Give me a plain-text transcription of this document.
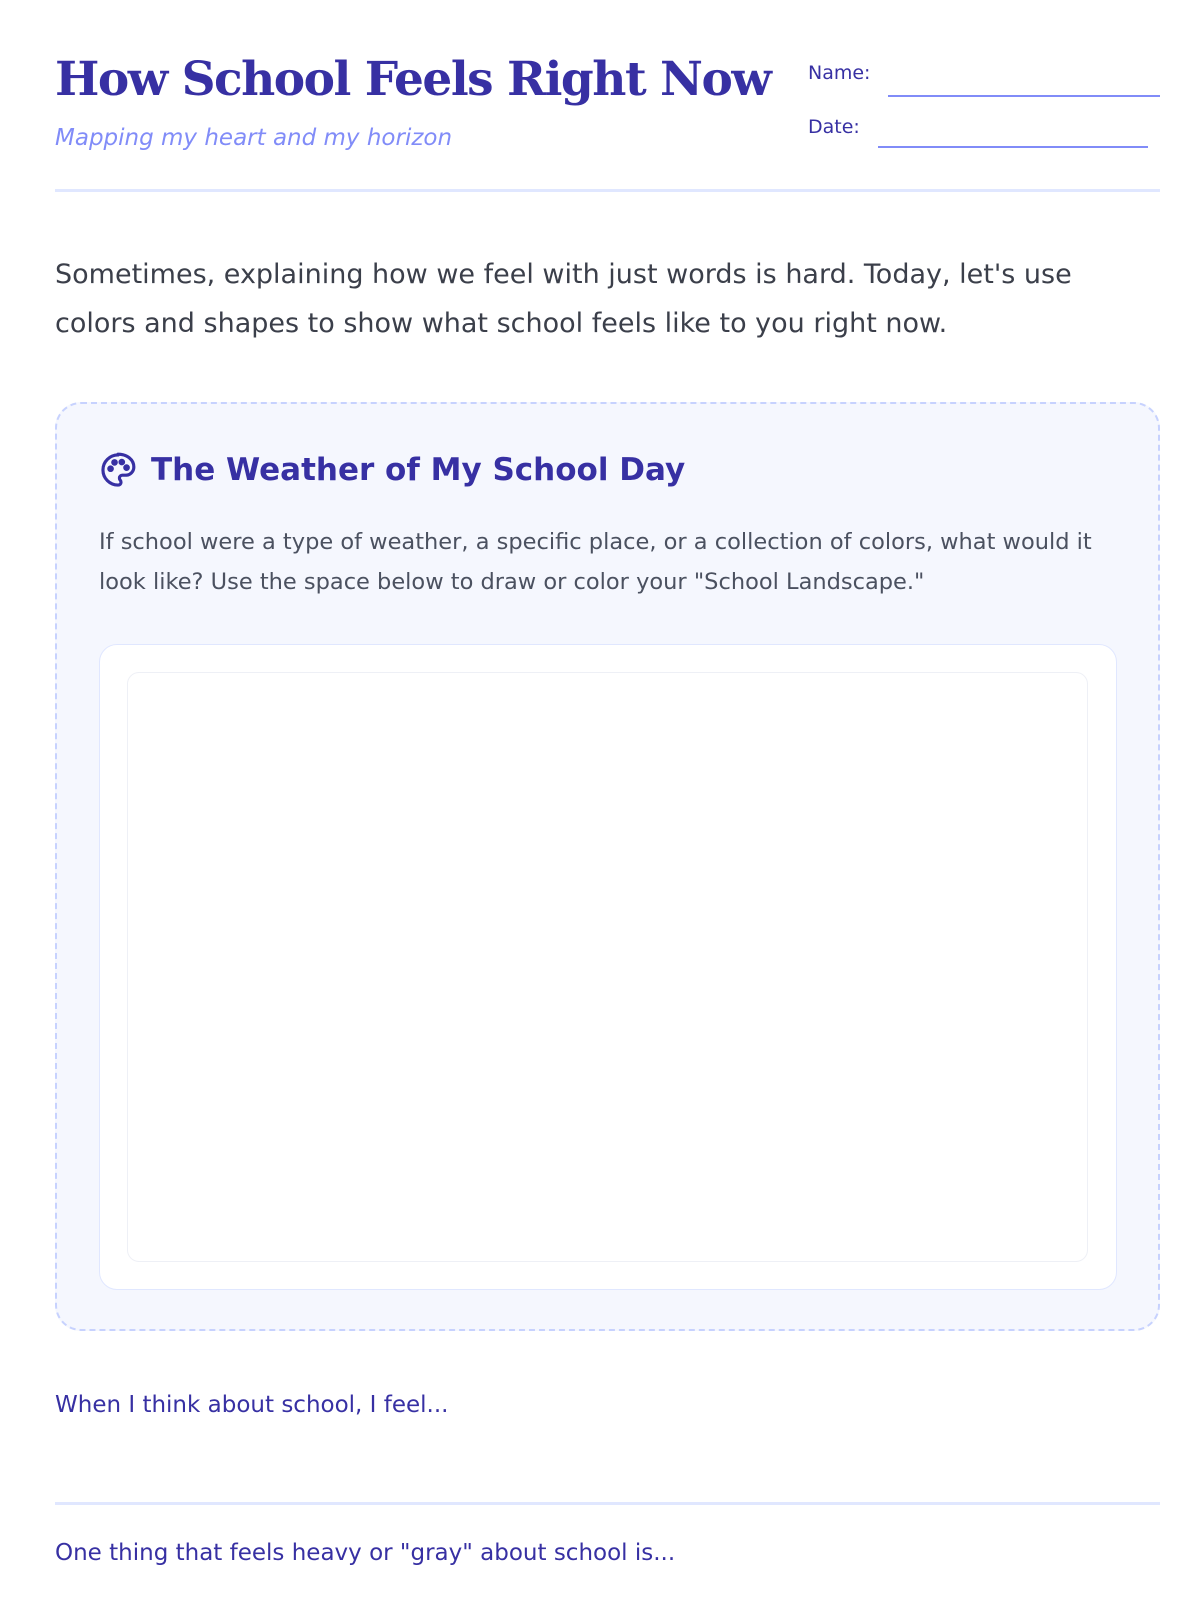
How School Feels Right Now

Mapping my heart and my horizon

Name:
Date:

Sometimes, explaining how we feel with just words is hard. Today, let's use colors and shapes to show what school feels like to you right now.

The Weather of My School Day

If school were a type of weather, a specific place, or a collection of colors, what would it look like? Use the space below to draw or color your "School Landscape."

When I think about school, I feel...

One thing that feels heavy or "gray" about school is...
